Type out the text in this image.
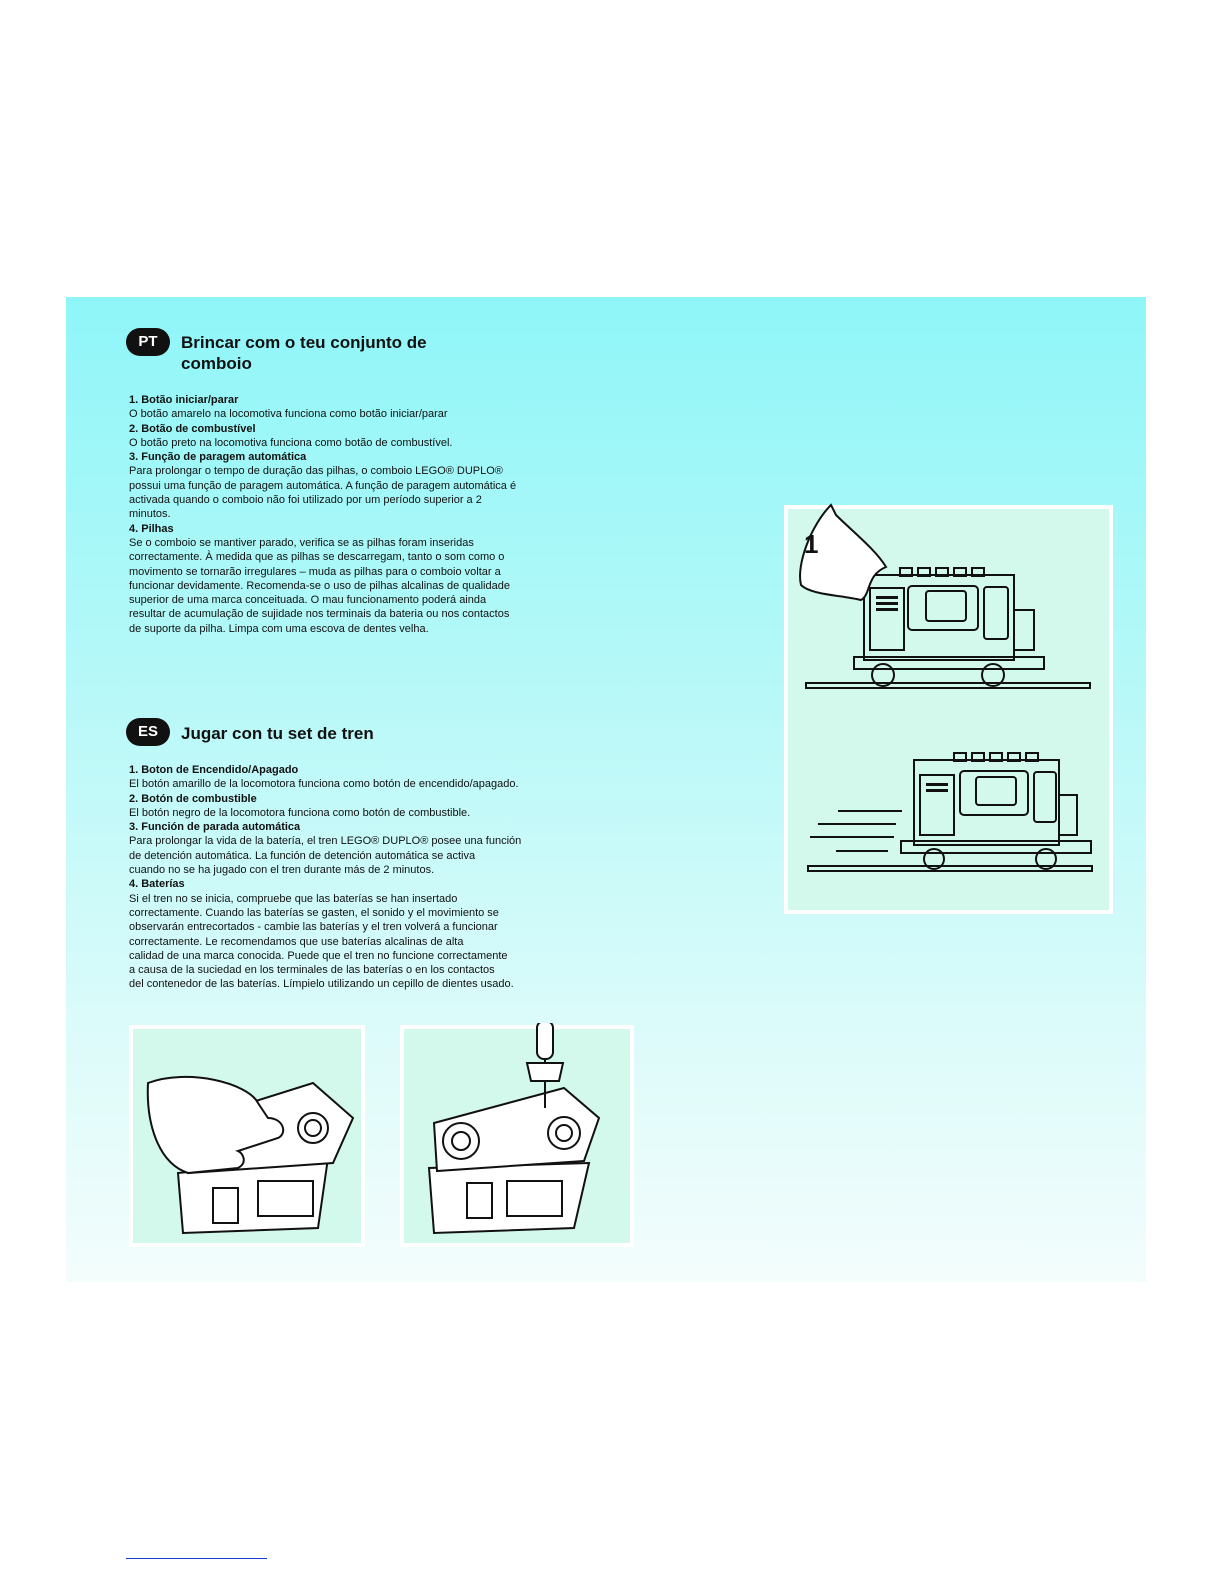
PT	Brincar com o teu conjunto de
comboio
1. Botão iniciar/parar
O botão amarelo na locomotiva funciona como botão iniciar/parar
2. Botão de combustível
O botão preto na locomotiva funciona como botão de combustível.
3. Função de paragem automática
Para prolongar o tempo de duração das pilhas, o comboio LEGO® DUPLO®
possui uma função de paragem automática. A função de paragem automática é
activada quando o comboio não foi utilizado por um período superior a 2
minutos.
4. Pilhas
Se o comboio se mantiver parado, verifica se as pilhas foram inseridas
correctamente. À medida que as pilhas se descarregam, tanto o som como o
movimento se tornarão irregulares – muda as pilhas para o comboio voltar a
funcionar devidamente. Recomenda-se o uso de pilhas alcalinas de qualidade
superior de uma marca conceituada. O mau funcionamento poderá ainda
resultar de acumulação de sujidade nos terminais da bateria ou nos contactos
de suporte da pilha. Limpa com uma escova de dentes velha.
ES	Jugar con tu set de tren
1. Boton de Encendido/Apagado
El botón amarillo de la locomotora funciona como botón de encendido/apagado.
2. Botón de combustible
El botón negro de la locomotora funciona como botón de combustible.
3. Función de parada automática
Para prolongar la vida de la batería, el tren LEGO® DUPLO® posee una función
de detención automática. La función de detención automática se activa
cuando no se ha jugado con el tren durante más de 2 minutos.
4. Baterías
Si el tren no se inicia, compruebe que las baterías se han insertado
correctamente. Cuando las baterías se gasten, el sonido y el movimiento se
observarán entrecortados - cambie las baterías y el tren volverá a funcionar
correctamente. Le recomendamos que use baterías alcalinas de alta
calidad de una marca conocida. Puede que el tren no funcione correctamente
a causa de la suciedad en los terminales de las baterías o en los contactos
del contenedor de las baterías. Límpielo utilizando un cepillo de dientes usado.
1
